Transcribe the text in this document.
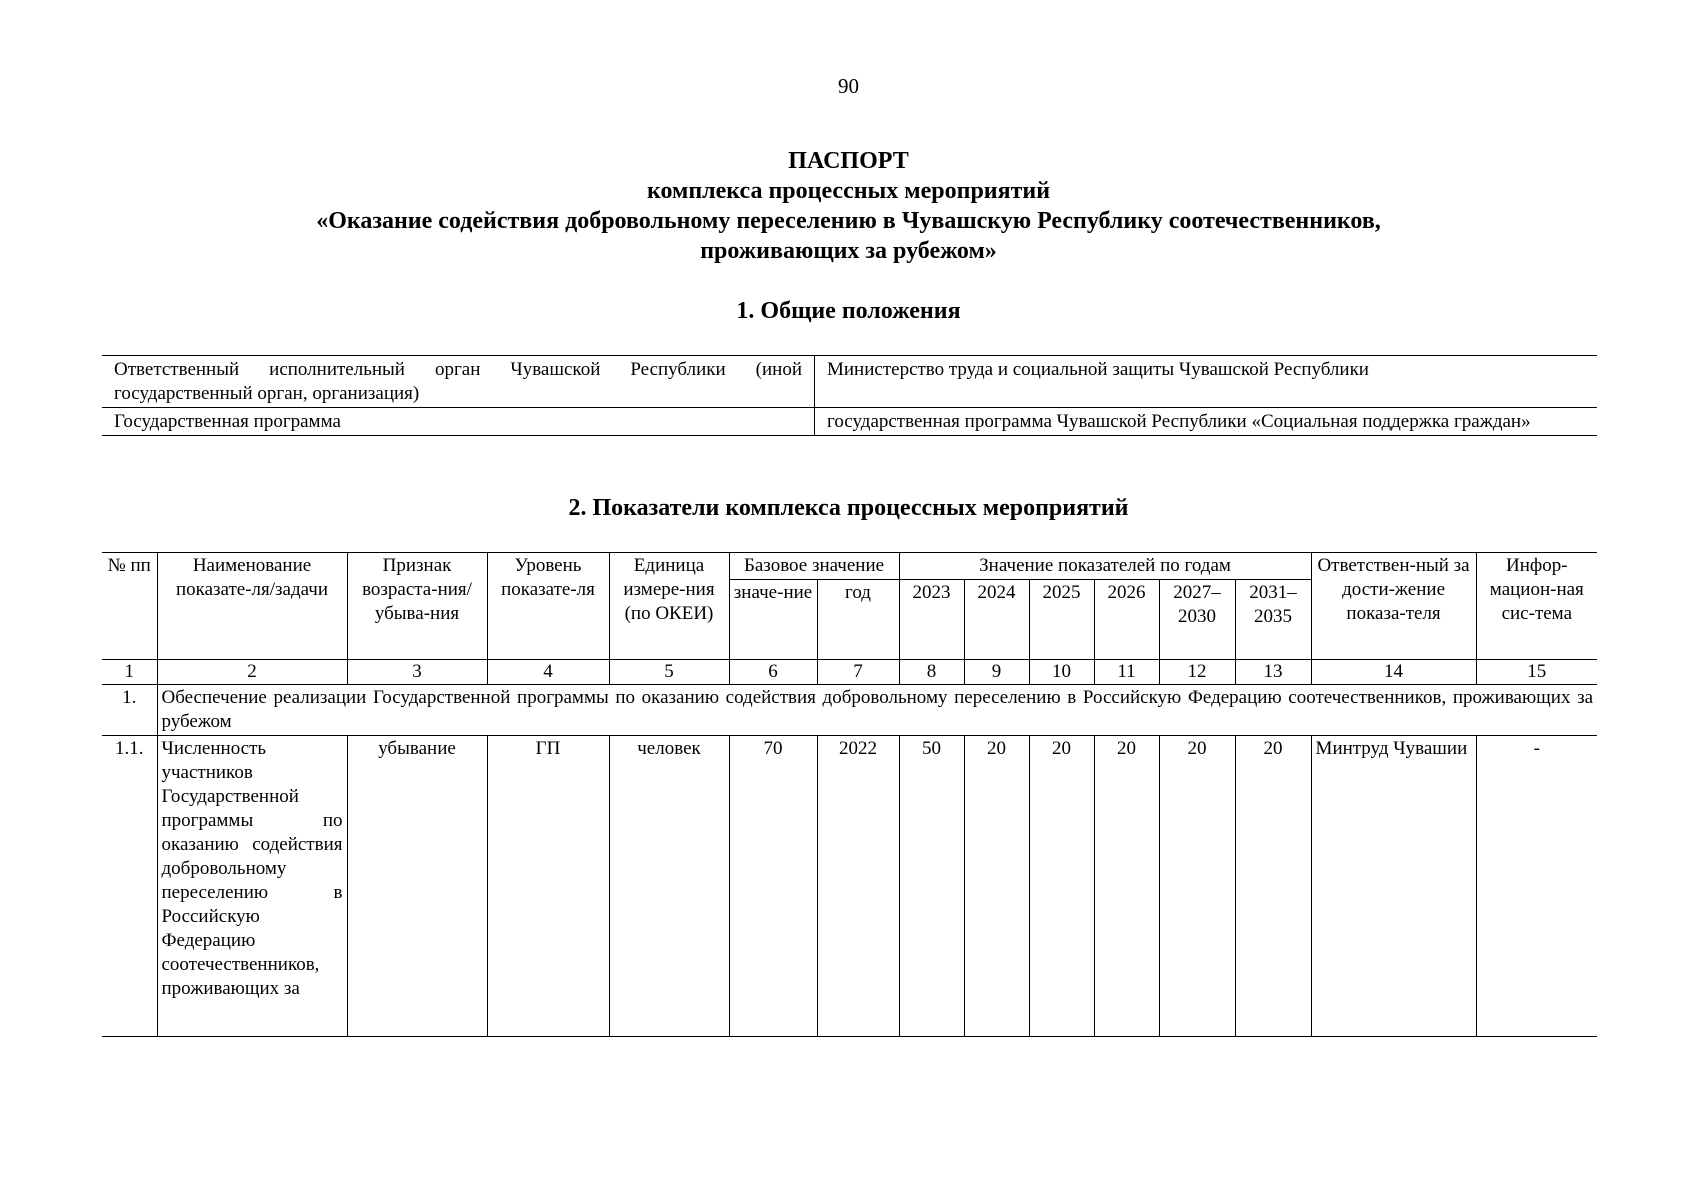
90
ПАСПОРТ
комплекса процессных мероприятий
«Оказание содействия добровольному переселению в Чувашскую Республику соотечественников,
проживающих за рубежом»
1. Общие положения
Ответственный исполнительный орган Чувашской Республики (иной государственный орган, организация)	Министерство труда и социальной защиты Чувашской Республики
Государственная программа	государственная программа Чувашской Республики «Социальная поддержка граждан»
2. Показатели комплекса процессных мероприятий
№ пп	Наименование показате-ля/задачи	Признак возраста-ния/убыва-ния	Уровень показате-ля	Единица измере-ния (по ОКЕИ)	Базовое значение		Значение показателей по годам						Ответствен-ный за дости-жение показа-теля	Инфор-мацион-ная сис-тема
					значе-ние	год	2023	2024	2025	2026	2027–2030	2031–2035		
1	2	3	4	5	6	7	8	9	10	11	12	13	14	15
1.	Обеспечение реализации Государственной программы по оказанию содействия добровольному переселению в Российскую Федерацию соотечественников, проживающих за рубежом													
1.1.	Численность участников Государственной программы по оказанию содействия добровольному переселению в Российскую Федерацию соотечественников, проживающих за	убывание	ГП	человек	70	2022	50	20	20	20	20	20	Минтруд Чувашии	-
